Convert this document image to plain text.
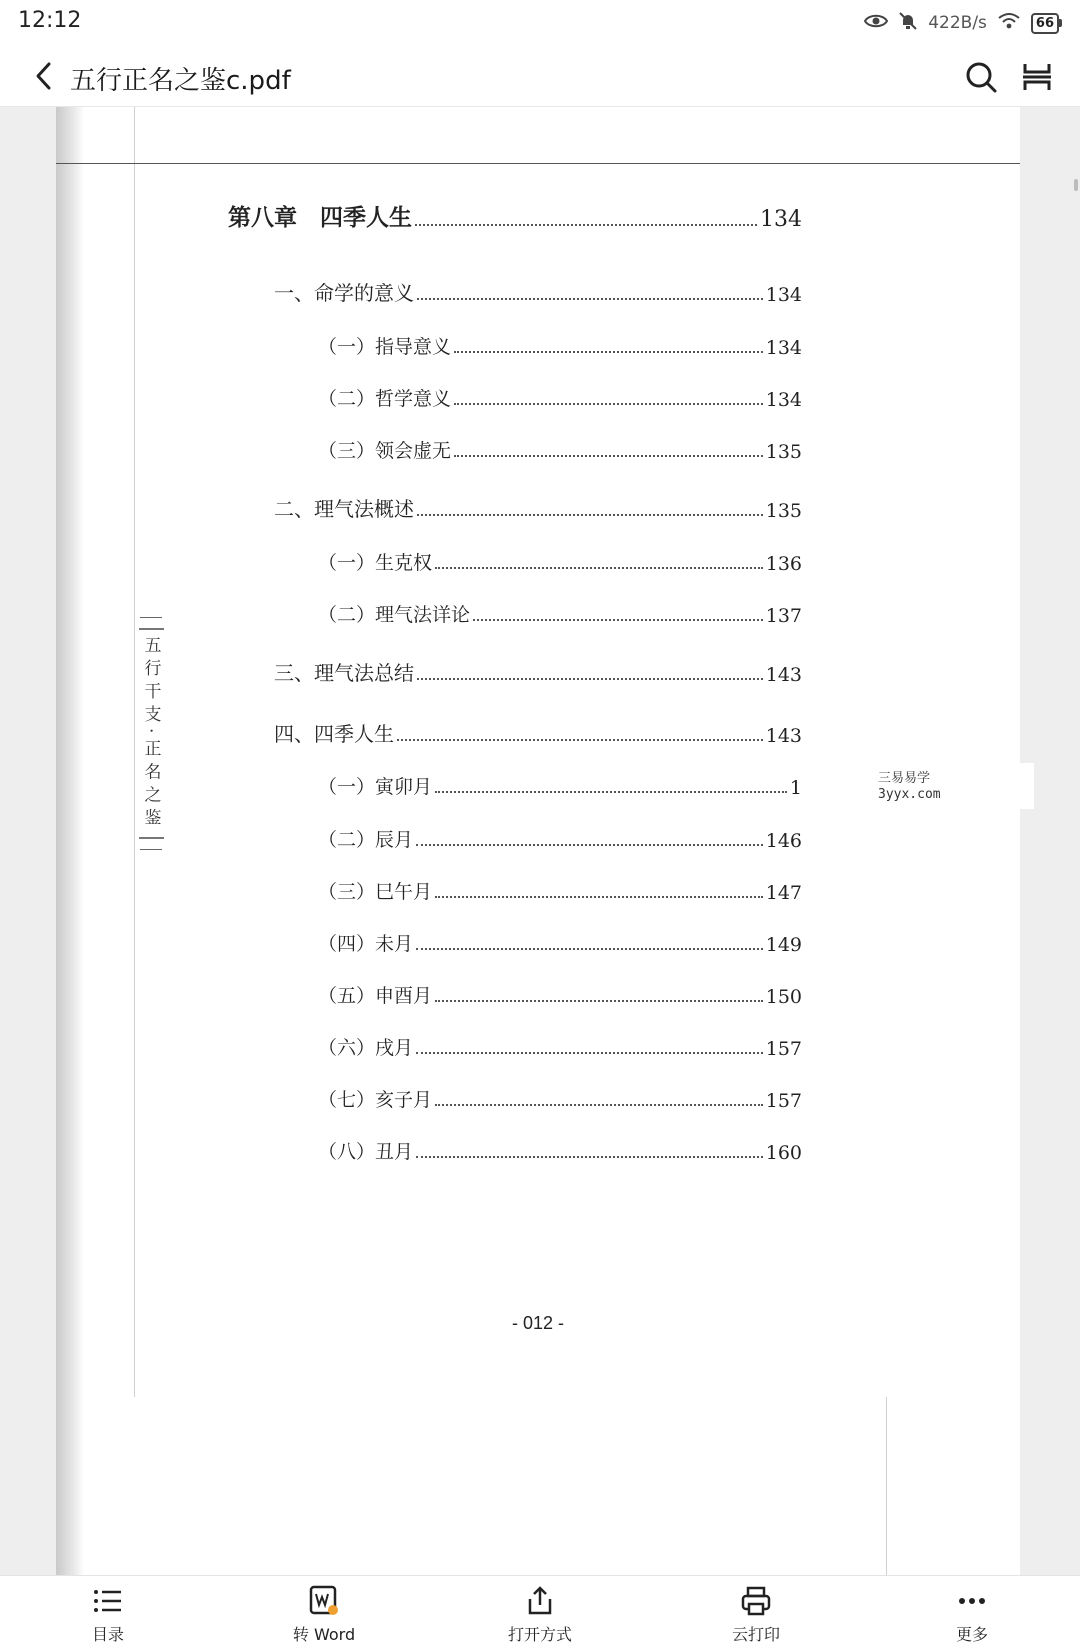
12:12	422B/s	66
五行正名之鉴c.pdf
五行干支·正名之鉴
第八章　四季人生	134
一、命学的意义	134
（一）指导意义	134
（二）哲学意义	134
（三）领会虚无	135
二、理气法概述	135
（一）生克权	136
（二）理气法详论	137
三、理气法总结	143
四、四季人生	143
（一）寅卯月	1
（二）辰月	146
（三）巳午月	147
（四）未月	149
（五）申酉月	150
（六）戌月	157
（七）亥子月	157
（八）丑月	160
- 012 -
三易易学
3yyx.com
目录	转 Word	打开方式	云打印	更多
